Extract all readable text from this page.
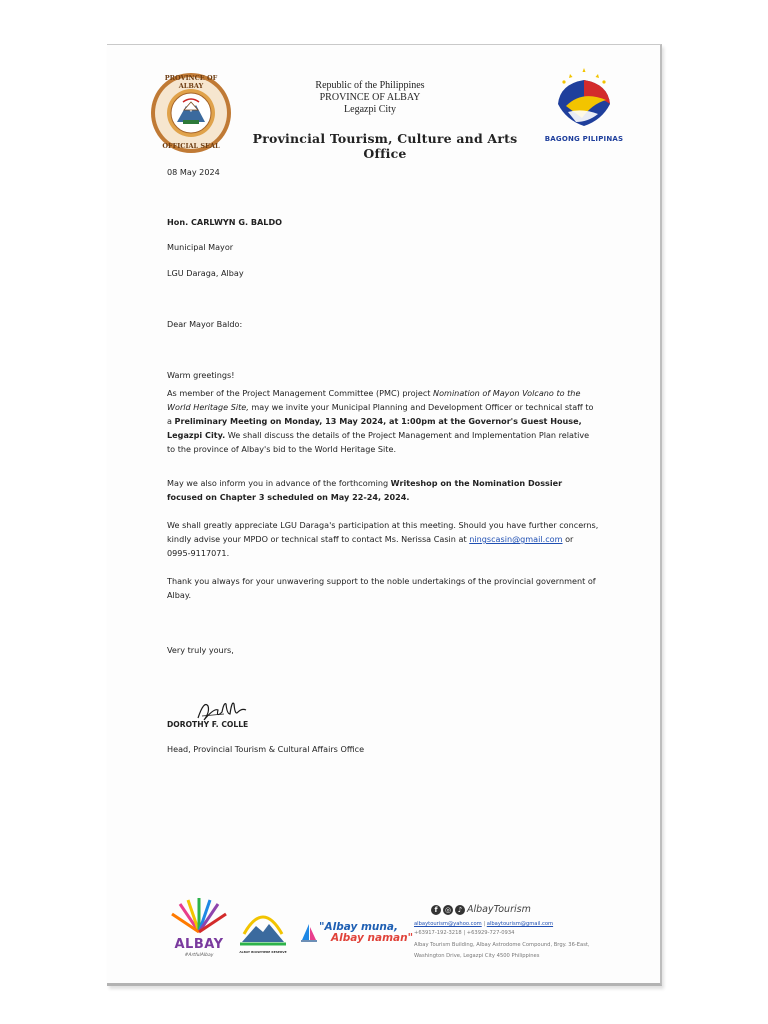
PROVINCE OF ALBAY
OFFICIAL SEAL
Republic of the Philippines
PROVINCE OF ALBAY
Legazpi City
Provincial Tourism, Culture and Arts Office
BAGONG PILIPINAS
08 May 2024
Hon. CARLWYN G. BALDO
Municipal Mayor
LGU Daraga, Albay
Dear Mayor Baldo:
Warm greetings!
As member of the Project Management Committee (PMC) project Nomination of Mayon Volcano to the World Heritage Site, may we invite your Municipal Planning and Development Officer or technical staff to a Preliminary Meeting on Monday, 13 May 2024, at 1:00pm at the Governor's Guest House, Legazpi City. We shall discuss the details of the Project Management and Implementation Plan relative to the province of Albay's bid to the World Heritage Site.
May we also inform you in advance of the forthcoming Writeshop on the Nomination Dossier focused on Chapter 3 scheduled on May 22-24, 2024.
We shall greatly appreciate LGU Daraga's participation at this meeting. Should you have further concerns, kindly advise your MPDO or technical staff to contact Ms. Nerissa Casin at ningscasin@gmail.com or 0995-9117071.
Thank you always for your unwavering support to the noble undertakings of the provincial government of Albay.
Very truly yours,
DOROTHY F. COLLE
Head, Provincial Tourism & Cultural Affairs Office
ALBAY
#ArtfulAlbay
ALBAY BIOSPHERE RESERVE
"Albay muna,
Albay naman"
f	◎ ♪ AlbayTourism
albaytourism@yahoo.com | albaytourism@gmail.com
+63917-192-3218 | +63929-727-0934
Albay Tourism Building, Albay Astrodome Compound, Brgy. 36-East,
Washington Drive, Legazpi City 4500 Philippines
